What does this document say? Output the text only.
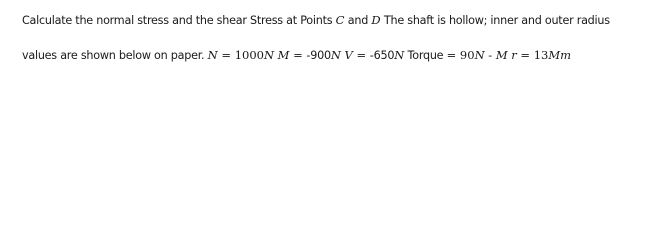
Calculate the normal stress and the shear Stress at Points C and D The shaft is hollow; inner and outer radius
values are shown below on paper. N = 1000N M = -900N V = -650N Torque = 90N - M r = 13Mm
